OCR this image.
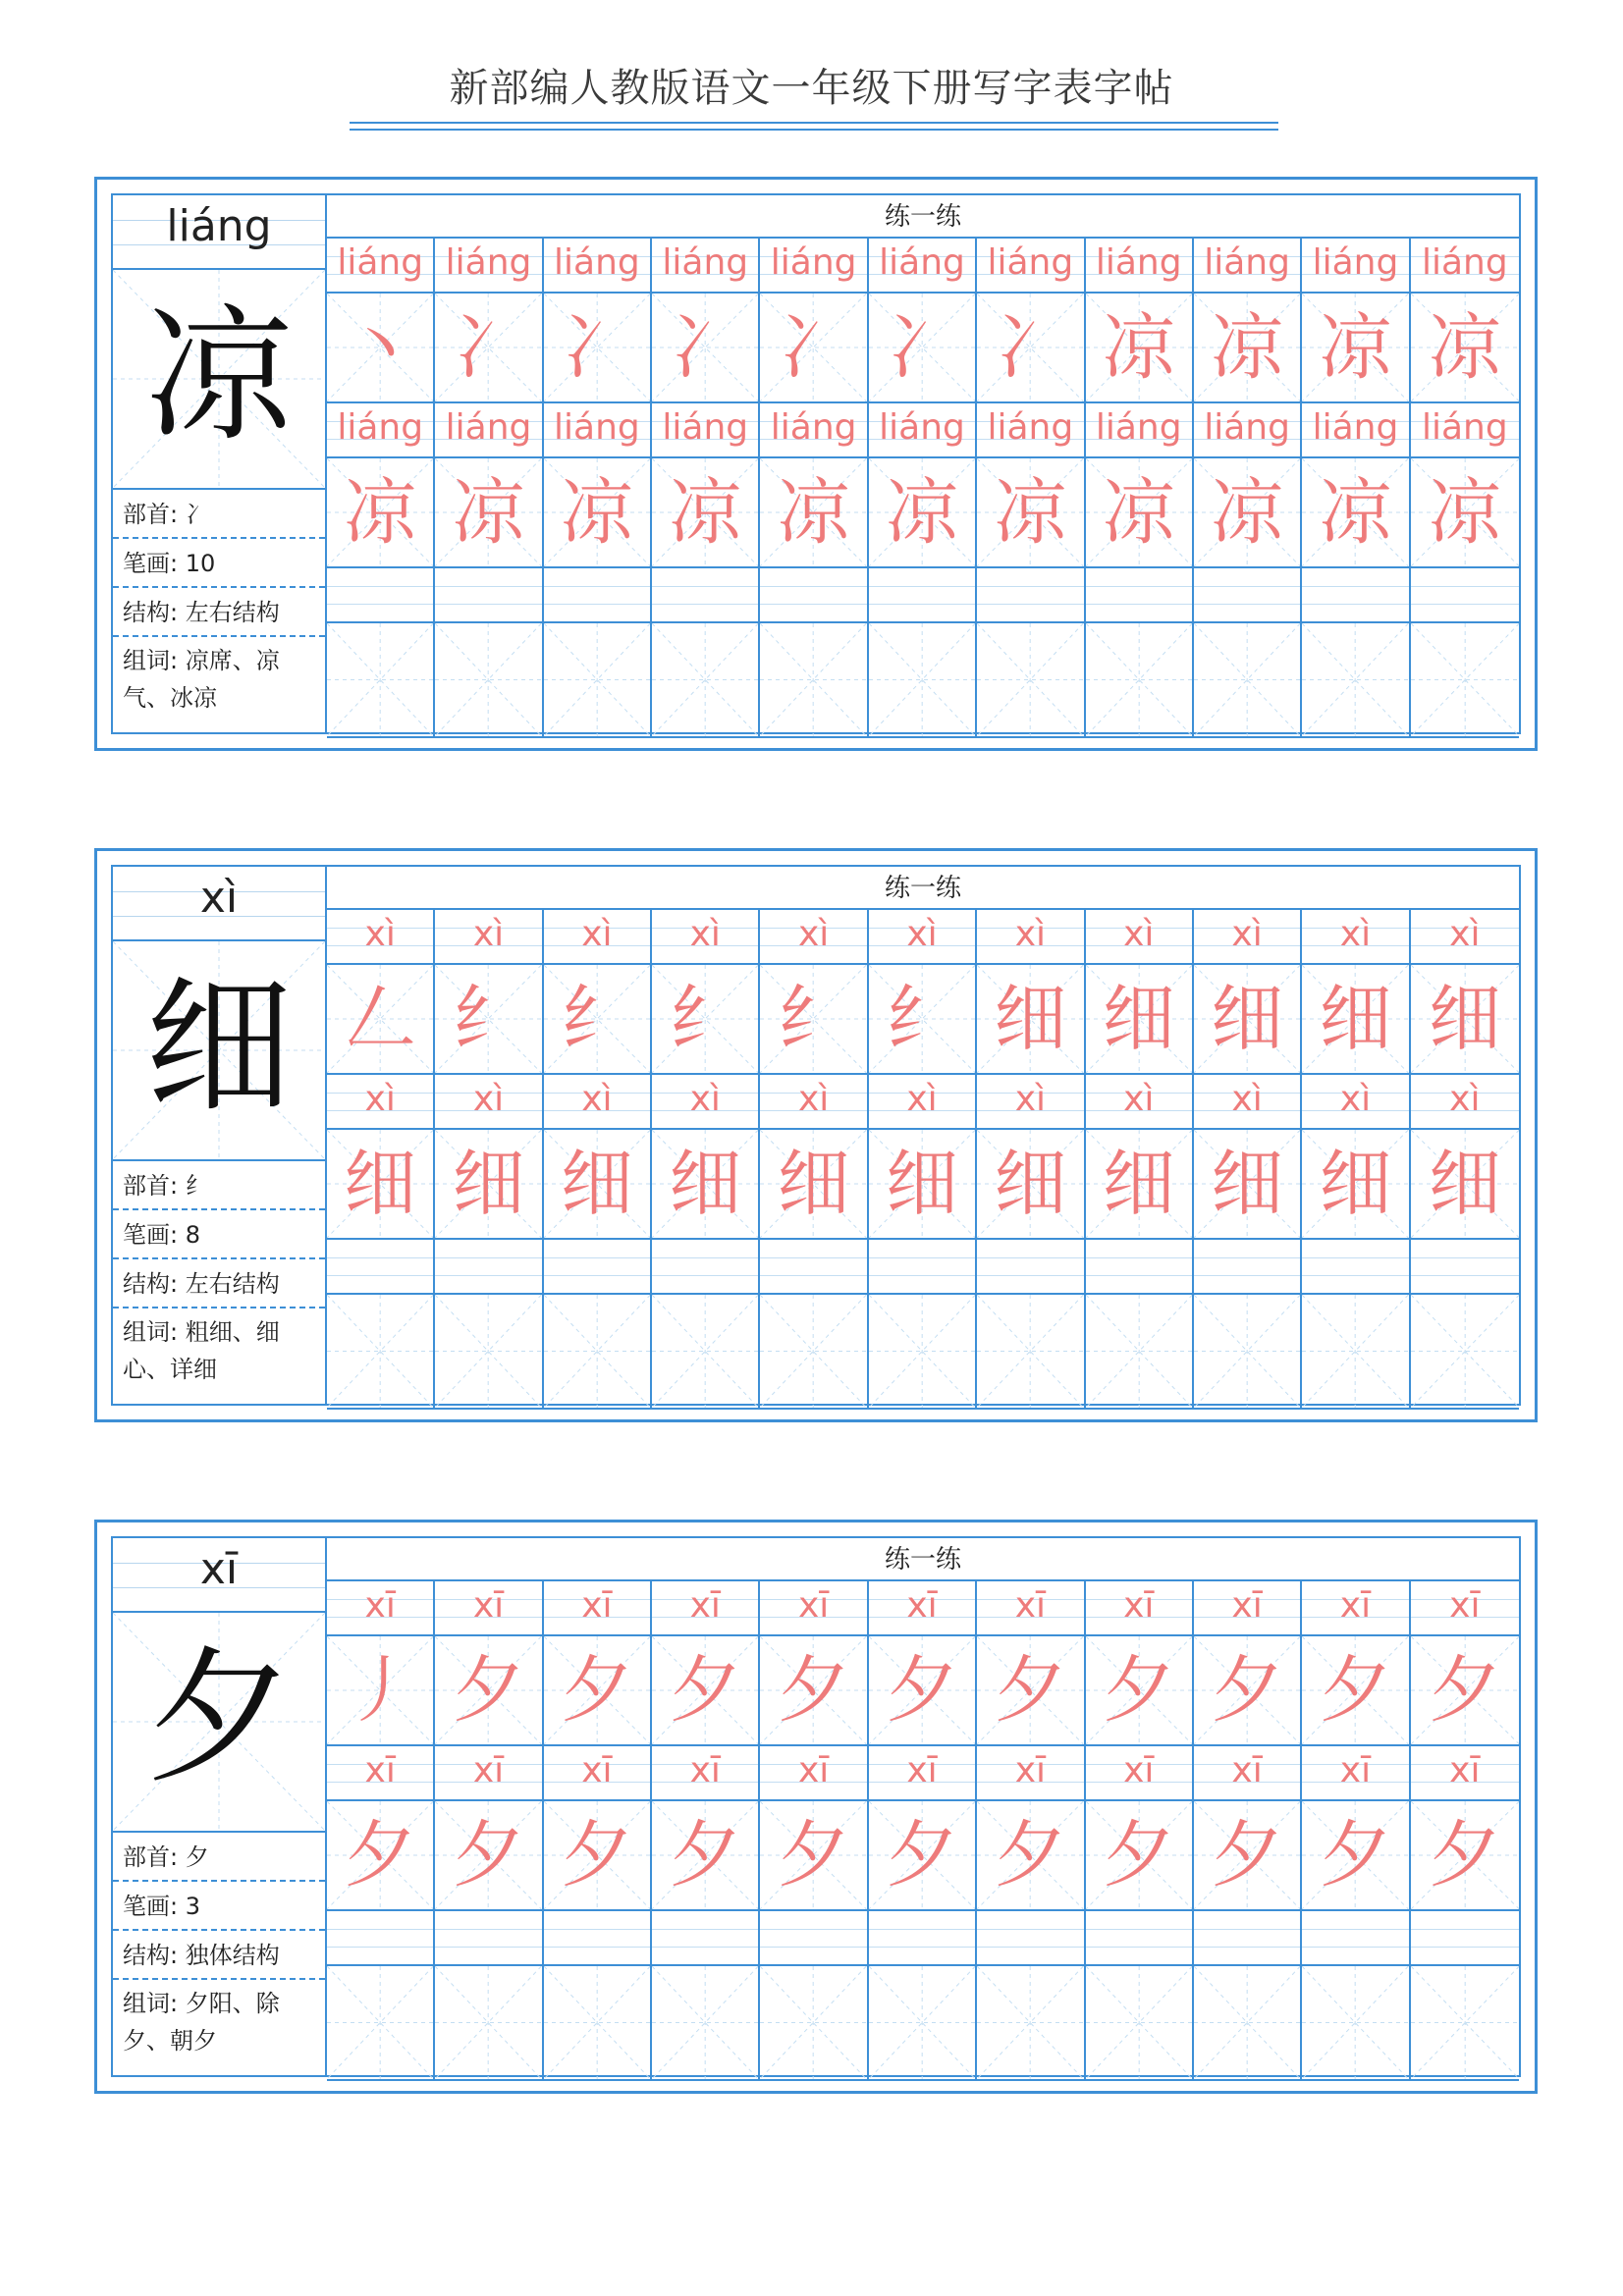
新部编人教版语文一年级下册写字表字帖
liáng
凉
部首: 冫
笔画: 10
结构: 左右结构
组词: 凉席、凉气、冰凉
练一练
liáng liáng liáng liáng liáng liáng liáng liáng liáng liáng liáng
丶 冫 冫 冫 冫 冫 冫 凉 凉 凉 凉
liáng liáng liáng liáng liáng liáng liáng liáng liáng liáng liáng
凉 凉 凉 凉 凉 凉 凉 凉 凉 凉 凉
xì
细
部首: 纟
笔画: 8
结构: 左右结构
组词: 粗细、细心、详细
练一练
xì	xì	xì	xì	xì	xì	xì	xì	xì	xì	xì
𠃋 纟 纟 纟 纟 纟 细 细 细 细 细
xì	xì	xì	xì	xì	xì	xì	xì	xì	xì	xì
细 细 细 细 细 细 细 细 细 细 细
xī
夕
部首: 夕
笔画: 3
结构: 独体结构
组词: 夕阳、除夕、朝夕
练一练
xī	xī	xī	xī	xī	xī	xī	xī	xī	xī	xī
丿 夕 夕 夕 夕 夕 夕 夕 夕 夕 夕
xī	xī	xī	xī	xī	xī	xī	xī	xī	xī	xī
夕 夕 夕 夕 夕 夕 夕 夕 夕 夕 夕
